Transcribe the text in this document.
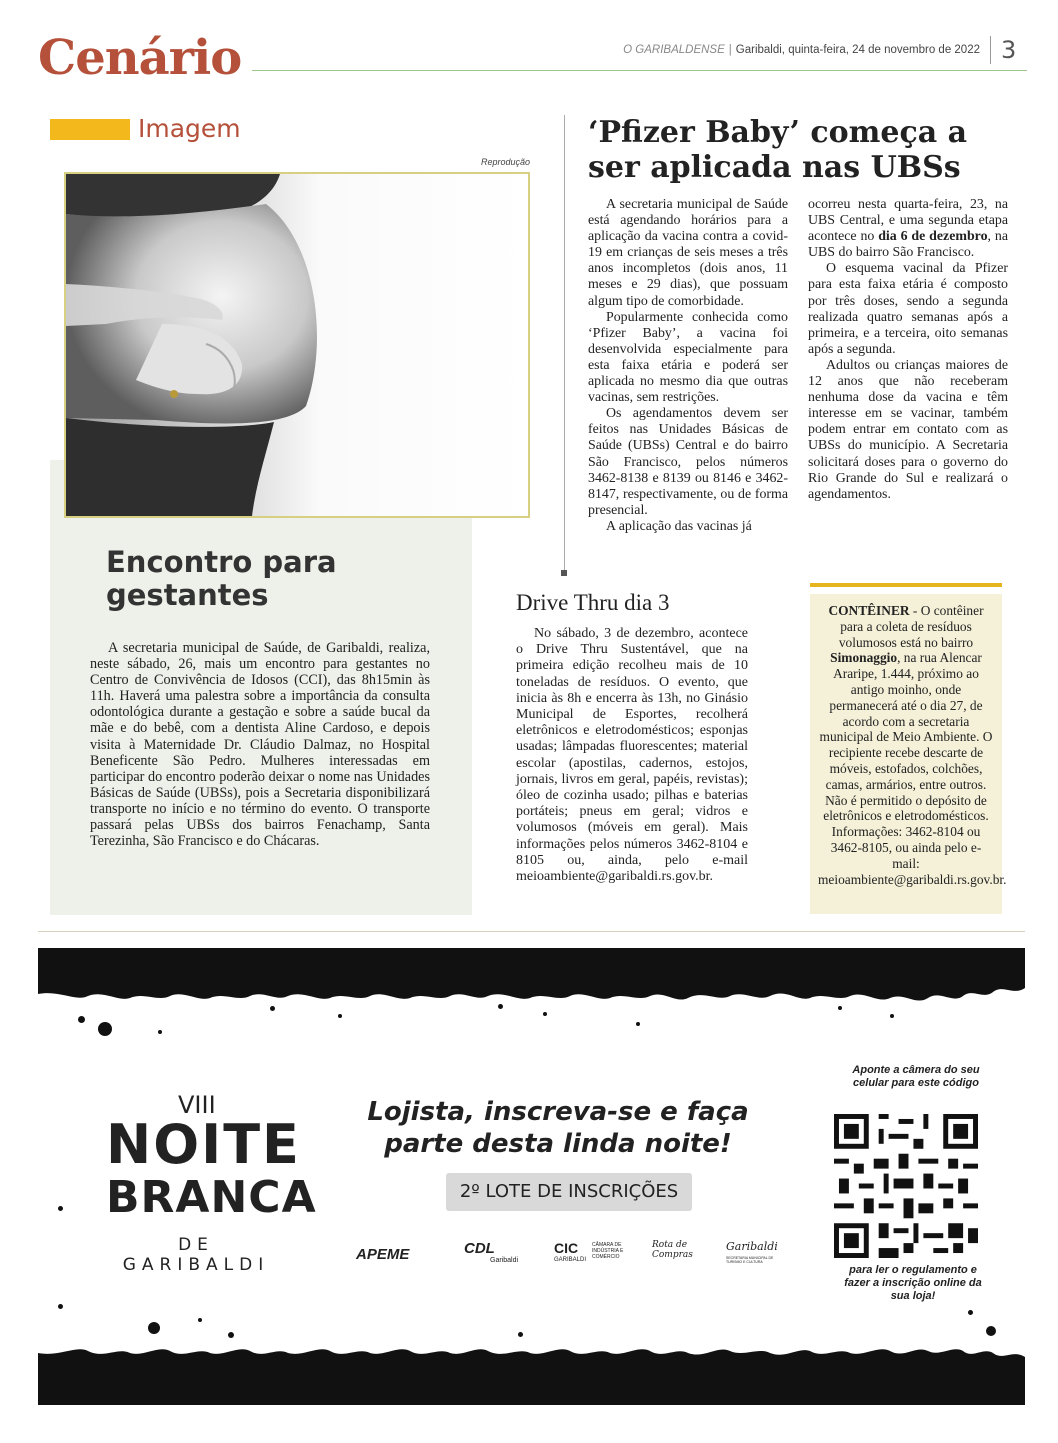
Cenário	O GARIBALDENSE | Garibaldi, quinta-feira, 24 de novembro de 2022 3
Imagem
Reprodução
Encontro para gestantes

A secretaria municipal de Saúde, de Garibaldi, realiza, neste sábado, 26, mais um encontro para gestantes no Centro de Convivência de Idosos (CCI), das 8h15min às 11h. Haverá uma palestra sobre a importância da consulta odontológica durante a gestação e sobre a saúde bucal da mãe e do bebê, com a dentista Aline Cardoso, e depois visita à Maternidade Dr. Cláudio Dalmaz, no Hospital Beneficente São Pedro. Mulheres interessadas em participar do encontro poderão deixar o nome nas Unidades Básicas de Saúde (UBSs), pois a Secretaria disponibilizará transporte no início e no término do evento. O transporte passará pelas UBSs dos bairros Fenachamp, Santa Terezinha, São Francisco e do Chácaras.

‘Pfizer Baby’ começa a ser aplicada nas UBSs

A secretaria municipal de Saúde está agendando horários para a aplicação da vacina contra a covid-19 em crianças de seis meses a três anos incompletos (dois anos, 11 meses e 29 dias), que possuam algum tipo de comorbidade.

Popularmente conhecida como ‘Pfizer Baby’, a vacina foi desenvolvida especialmente para esta faixa etária e poderá ser aplicada no mesmo dia que outras vacinas, sem restrições.

Os agendamentos devem ser feitos nas Unidades Básicas de Saúde (UBSs) Central e do bairro São Francisco, pelos números 3462-8138 e 8139 ou 8146 e 3462-8147, respectivamente, ou de forma presencial.

A aplicação das vacinas já

ocorreu nesta quarta-feira, 23, na UBS Central, e uma segunda etapa acontece no dia 6 de dezembro, na UBS do bairro São Francisco.

O esquema vacinal da Pfizer para esta faixa etária é composto por três doses, sendo a segunda realizada quatro semanas após a primeira, e a terceira, oito semanas após a segunda.

Adultos ou crianças maiores de 12 anos que não receberam nenhuma dose da vacina e têm interesse em se vacinar, também podem entrar em contato com as UBSs do município. A Secretaria solicitará doses para o governo do Rio Grande do Sul e realizará o agendamentos.

Drive Thru dia 3

No sábado, 3 de dezembro, acontece o Drive Thru Sustentável, que na primeira edição recolheu mais de 10 toneladas de resíduos. O evento, que inicia às 8h e encerra às 13h, no Ginásio Municipal de Esportes, recolherá eletrônicos e eletrodomésticos; esponjas usadas; lâmpadas fluorescentes; material escolar (apostilas, cadernos, estojos, jornais, livros em geral, papéis, revistas); óleo de cozinha usado; pilhas e baterias portáteis; pneus em geral; vidros e volumosos (móveis em geral). Mais informações pelos números 3462-8104 e 8105 ou, ainda, pelo e-mail meioambiente@garibaldi.rs.gov.br.

CONTÊINER - O contêiner para a coleta de resíduos volumosos está no bairro Simonaggio, na rua Alencar Araripe, 1.444, próximo ao antigo moinho, onde permanecerá até o dia 27, de acordo com a secretaria municipal de Meio Ambiente. O recipiente recebe descarte de móveis, estofados, colchões, camas, armários, entre outros. Não é permitido o depósito de eletrônicos e eletrodomésticos. Informações: 3462-8104 ou 3462-8105, ou ainda pelo e-mail: meioambiente@garibaldi.rs.gov.br.
VIII
NOITE
BRANCA
DE GARIBALDI
Lojista, inscreva-se e faça parte desta linda noite!
2º LOTE DE INSCRIÇÕES
APEME	CDL
Garibaldi
CIC
GARIBALDI
CÂMARA DE INDÚSTRIA E COMÉRCIO
Rota de Compras
Garibaldi
SECRETARIA MUNICIPAL DE TURISMO E CULTURA
Aponte a câmera do seu celular para este código
para ler o regulamento e fazer a inscrição online da sua loja!
